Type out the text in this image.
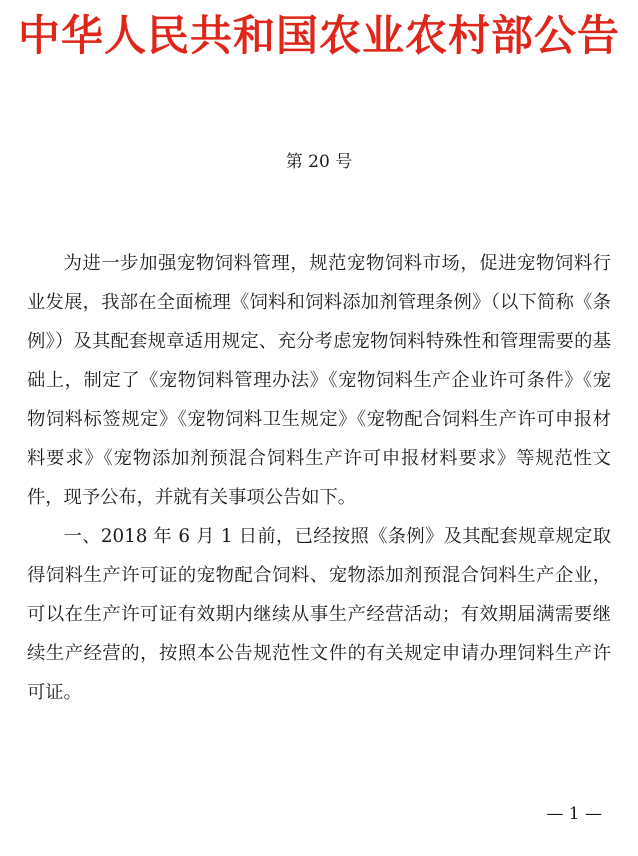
中华人民共和国农业农村部公告
第 20 号

为进一步加强宠物饲料管理，规范宠物饲料市场，促进宠物饲料行业发展，我部在全面梳理《饲料和饲料添加剂管理条例》（以下简称《条例》）及其配套规章适用规定、充分考虑宠物饲料特殊性和管理需要的基础上，制定了《宠物饲料管理办法》《宠物饲料生产企业许可条件》《宠物饲料标签规定》《宠物饲料卫生规定》《宠物配合饲料生产许可申报材料要求》《宠物添加剂预混合饲料生产许可申报材料要求》等规范性文件，现予公布，并就有关事项公告如下。

一、2018 年 6 月 1 日前，已经按照《条例》及其配套规章规定取得饲料生产许可证的宠物配合饲料、宠物添加剂预混合饲料生产企业，可以在生产许可证有效期内继续从事生产经营活动；有效期届满需要继续生产经营的，按照本公告规范性文件的有关规定申请办理饲料生产许可证。

— 1 —
